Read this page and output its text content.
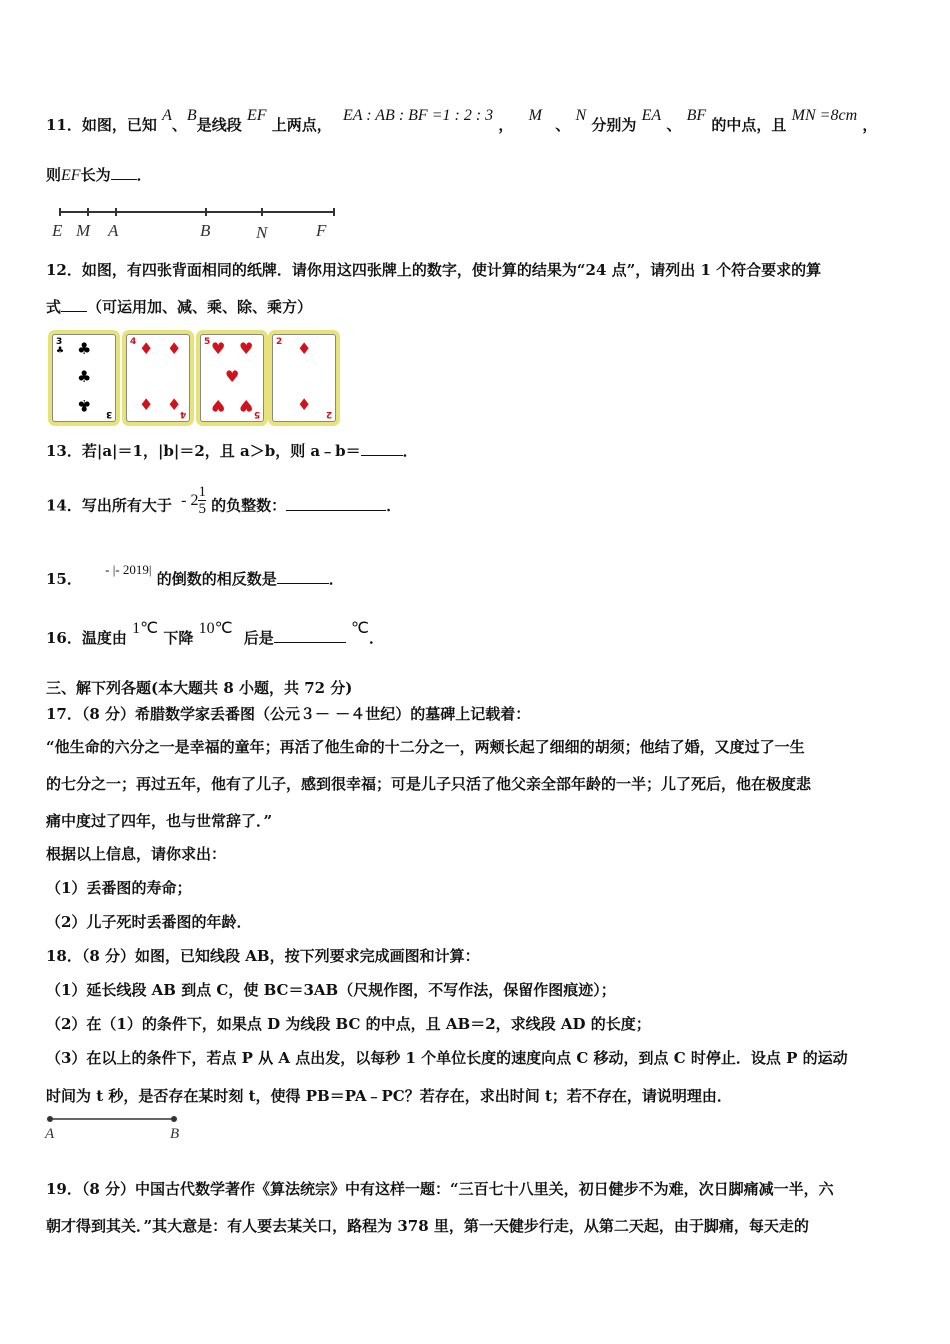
11．如图，已知 A、B是线段 EF 上两点， EA : AB : BF =1 : 2 : 3 ， M 、 N 分别为 EA 、 BF 的中点，且 MN =8cm ，
则EF长为 ．
E M A	B	N	F
12．如图，有四张背面相同的纸牌．请你用这四张牌上的数字，使计算的结果为“24 点”，请列出 1 个符合要求的算
式 （可运用加、减、乘、除、乘方）
3
♣ ♣
♣
♣ 3
4 ♦ ♦
♦ ♦
4
5 ♥ ♥
♥
♥ ♥ 5
2 ♦
♦ 2
13．若|a|＝1，|b|＝2，且 a＞b，则 a﹣b＝	．
14．写出所有大于 - $2 \frac{1}{5}$ 的负整数：	．
15． - |- 2019| 的倒数的相反数是	．
16．温度由 1℃ 下降 10℃ 后是 ℃．
三、解下列各题(本大题共 8 小题，共 72 分)
17．（8 分）希腊数学家丢番图（公元３－ －４世纪）的墓碑上记载着：
“他生命的六分之一是幸福的童年；再活了他生命的十二分之一，两颊长起了细细的胡须；他结了婚，又度过了一生
的七分之一；再过五年，他有了儿子，感到很幸福；可是儿子只活了他父亲全部年龄的一半；儿了死后，他在极度悲
痛中度过了四年，也与世常辞了．”
根据以上信息，请你求出：
（1）丢番图的寿命；
（2）儿子死时丢番图的年龄．
18．（8 分）如图，已知线段 AB，按下列要求完成画图和计算：
（1）延长线段 AB 到点 C，使 BC＝3AB（尺规作图，不写作法，保留作图痕迹）；
（2）在（1）的条件下，如果点 D 为线段 BC 的中点，且 AB＝2，求线段 AD 的长度；
（3）在以上的条件下，若点 P 从 A 点出发，以每秒 1 个单位长度的速度向点 C 移动，到点 C 时停止．设点 P 的运动
时间为 t 秒，是否存在某时刻 t，使得 PB＝PA﹣PC？若存在，求出时间 t；若不存在，请说明理由．
A	B
19．（8 分）中国古代数学著作《算法统宗》中有这样一题：“三百七十八里关，初日健步不为难，次日脚痛减一半，六
朝才得到其关．”其大意是：有人要去某关口，路程为 378 里，第一天健步行走，从第二天起，由于脚痛，每天走的
